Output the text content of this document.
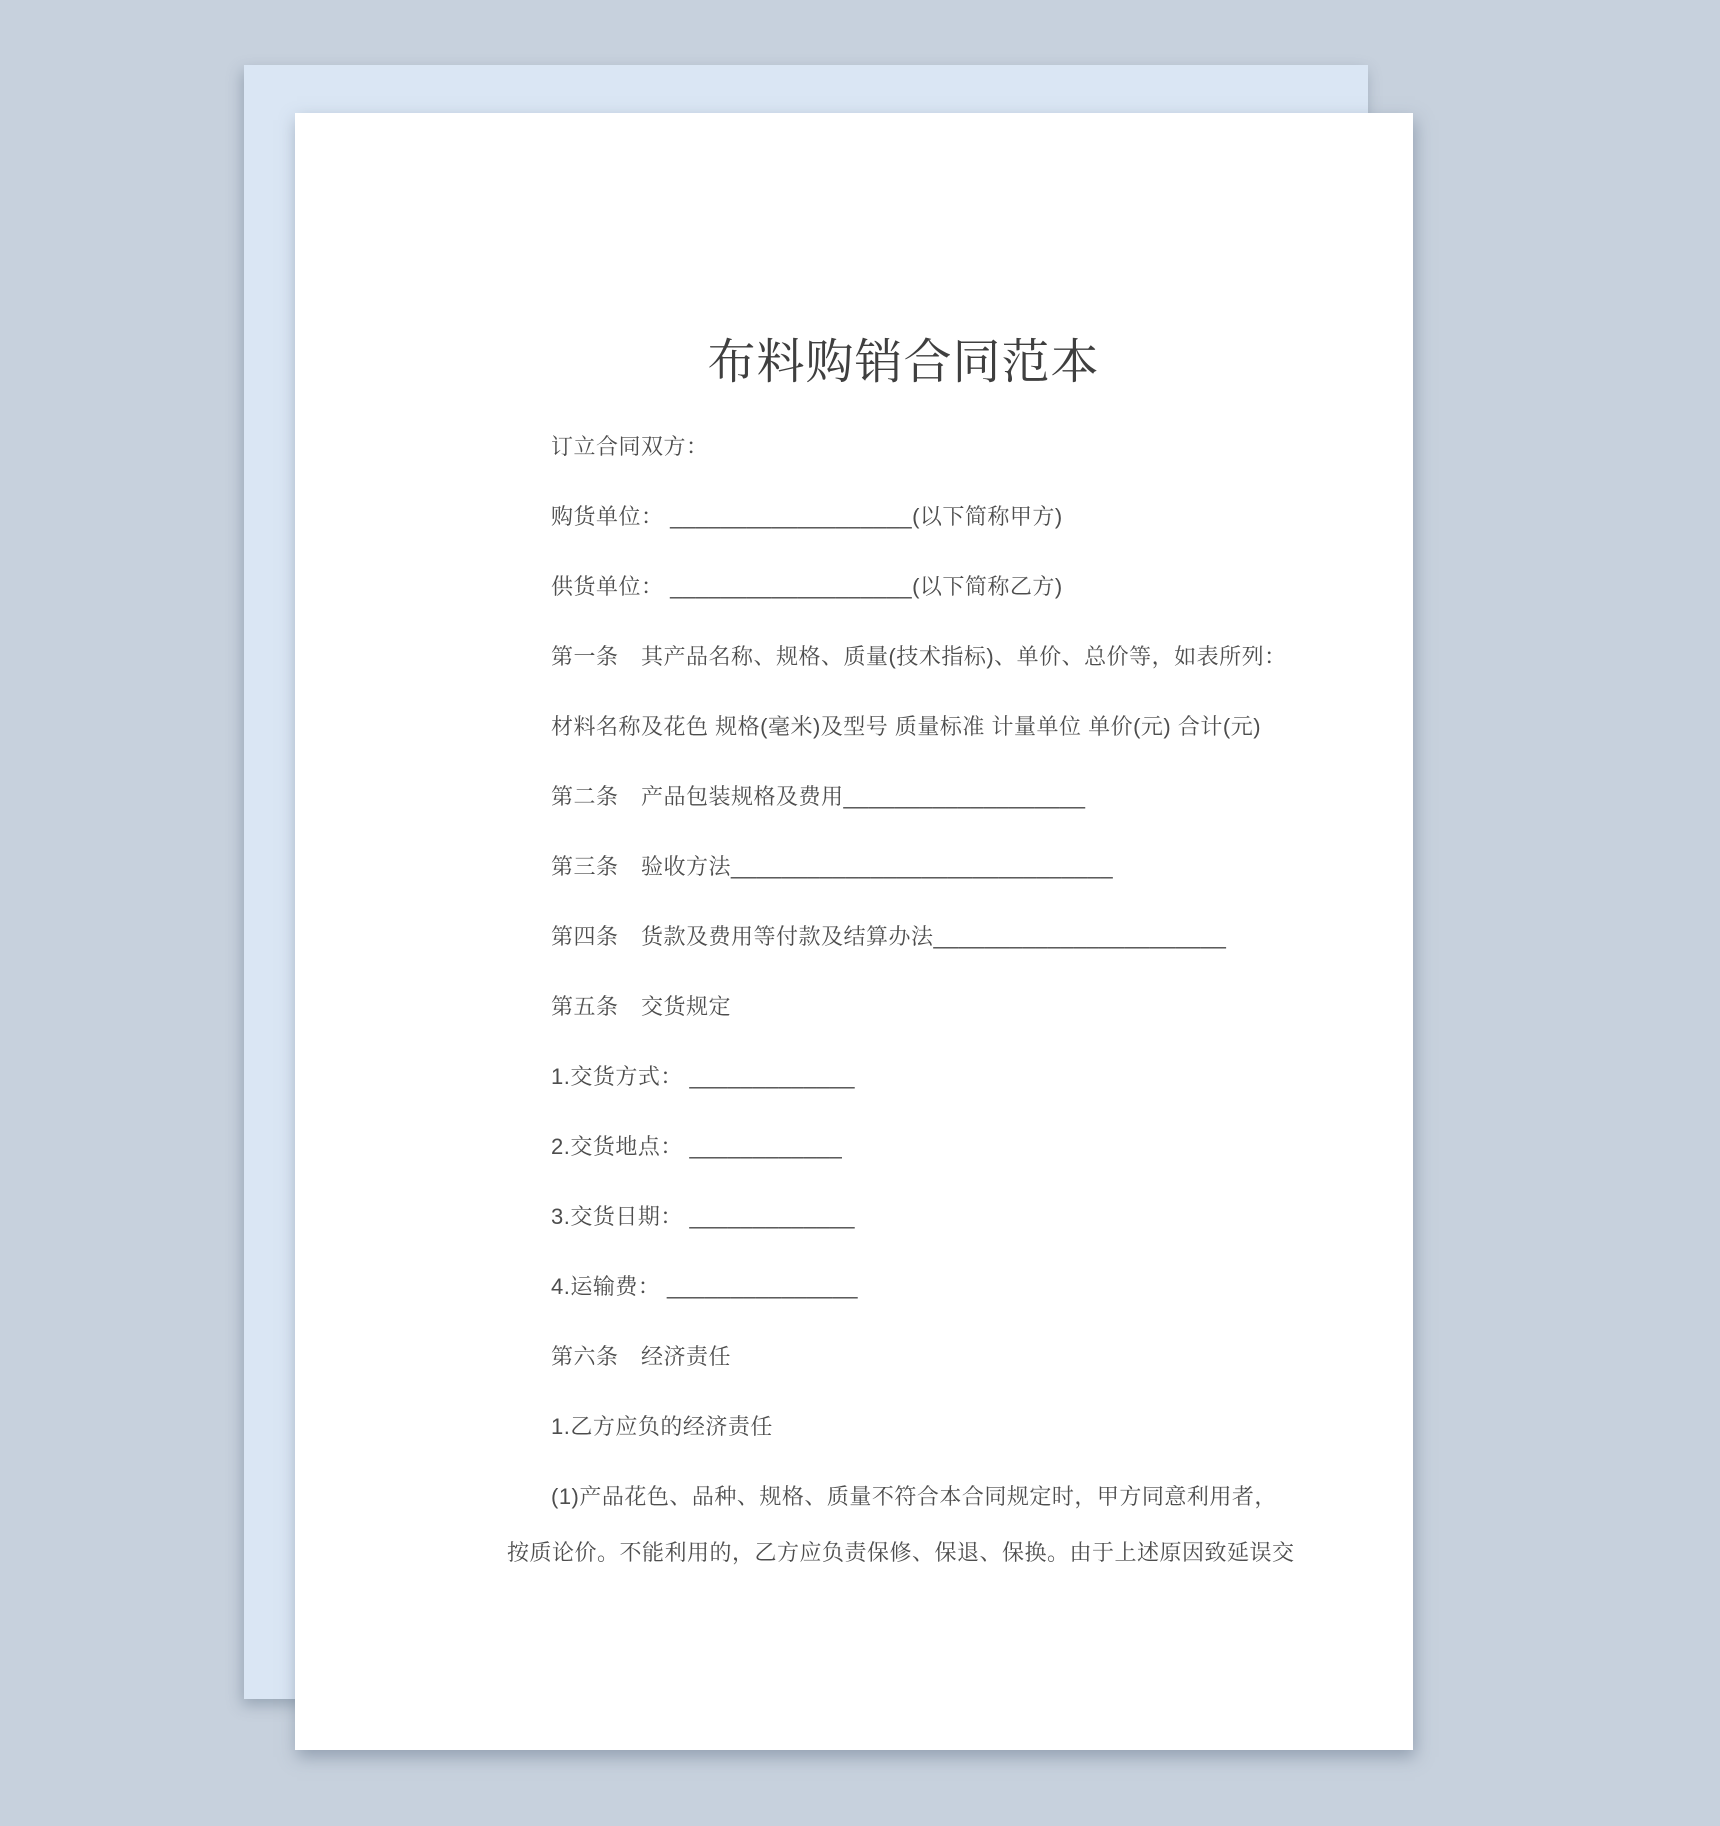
布料购销合同范本
订立合同双方：
购货单位： ___________________(以下简称甲方)
供货单位： ___________________(以下简称乙方)
第一条　其产品名称、规格、质量(技术指标)、单价、总价等，如表所列：
材料名称及花色 规格(毫米)及型号 质量标准 计量单位 单价(元) 合计(元)
第二条　产品包装规格及费用___________________
第三条　验收方法______________________________
第四条　货款及费用等付款及结算办法_______________________
第五条　交货规定
1.交货方式： _____________
2.交货地点： ____________
3.交货日期： _____________
4.运输费： _______________
第六条　经济责任
1.乙方应负的经济责任
(1)产品花色、品种、规格、质量不符合本合同规定时，甲方同意利用者，
按质论价。不能利用的，乙方应负责保修、保退、保换。由于上述原因致延误交
